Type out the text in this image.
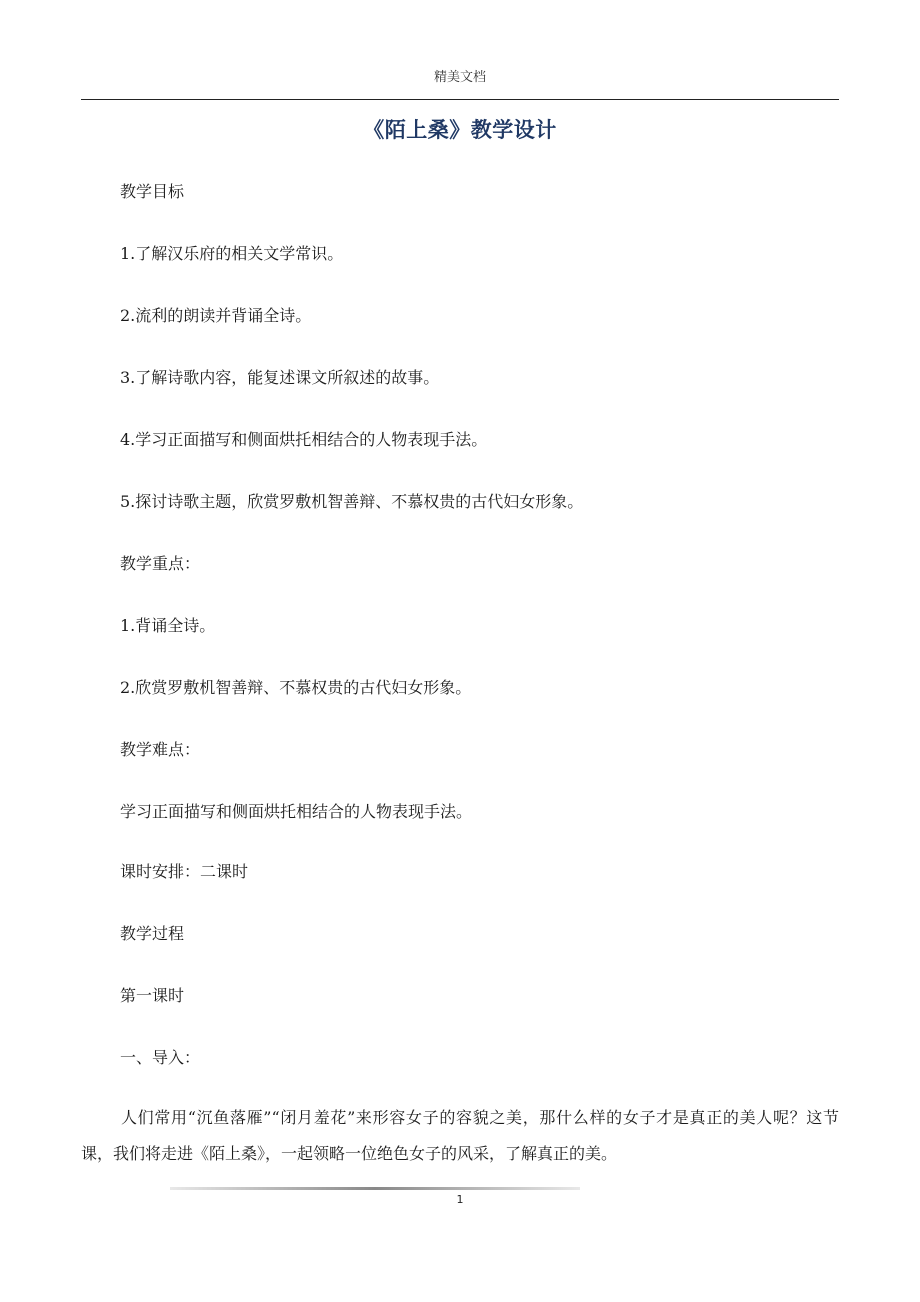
精美文档
《陌上桑》教学设计
教学目标
1.了解汉乐府的相关文学常识。
2.流利的朗读并背诵全诗。
3.了解诗歌内容，能复述课文所叙述的故事。
4.学习正面描写和侧面烘托相结合的人物表现手法。
5.探讨诗歌主题，欣赏罗敷机智善辩、不慕权贵的古代妇女形象。
教学重点：
1.背诵全诗。
2.欣赏罗敷机智善辩、不慕权贵的古代妇女形象。
教学难点：
学习正面描写和侧面烘托相结合的人物表现手法。
课时安排：二课时
教学过程
第一课时
一、导入：
人们常用“沉鱼落雁”“闭月羞花”来形容女子的容貌之美，那什么样的女子才是真正的美人呢？这节课，我们将走进《陌上桑》，一起领略一位绝色女子的风采，了解真正的美。
1
